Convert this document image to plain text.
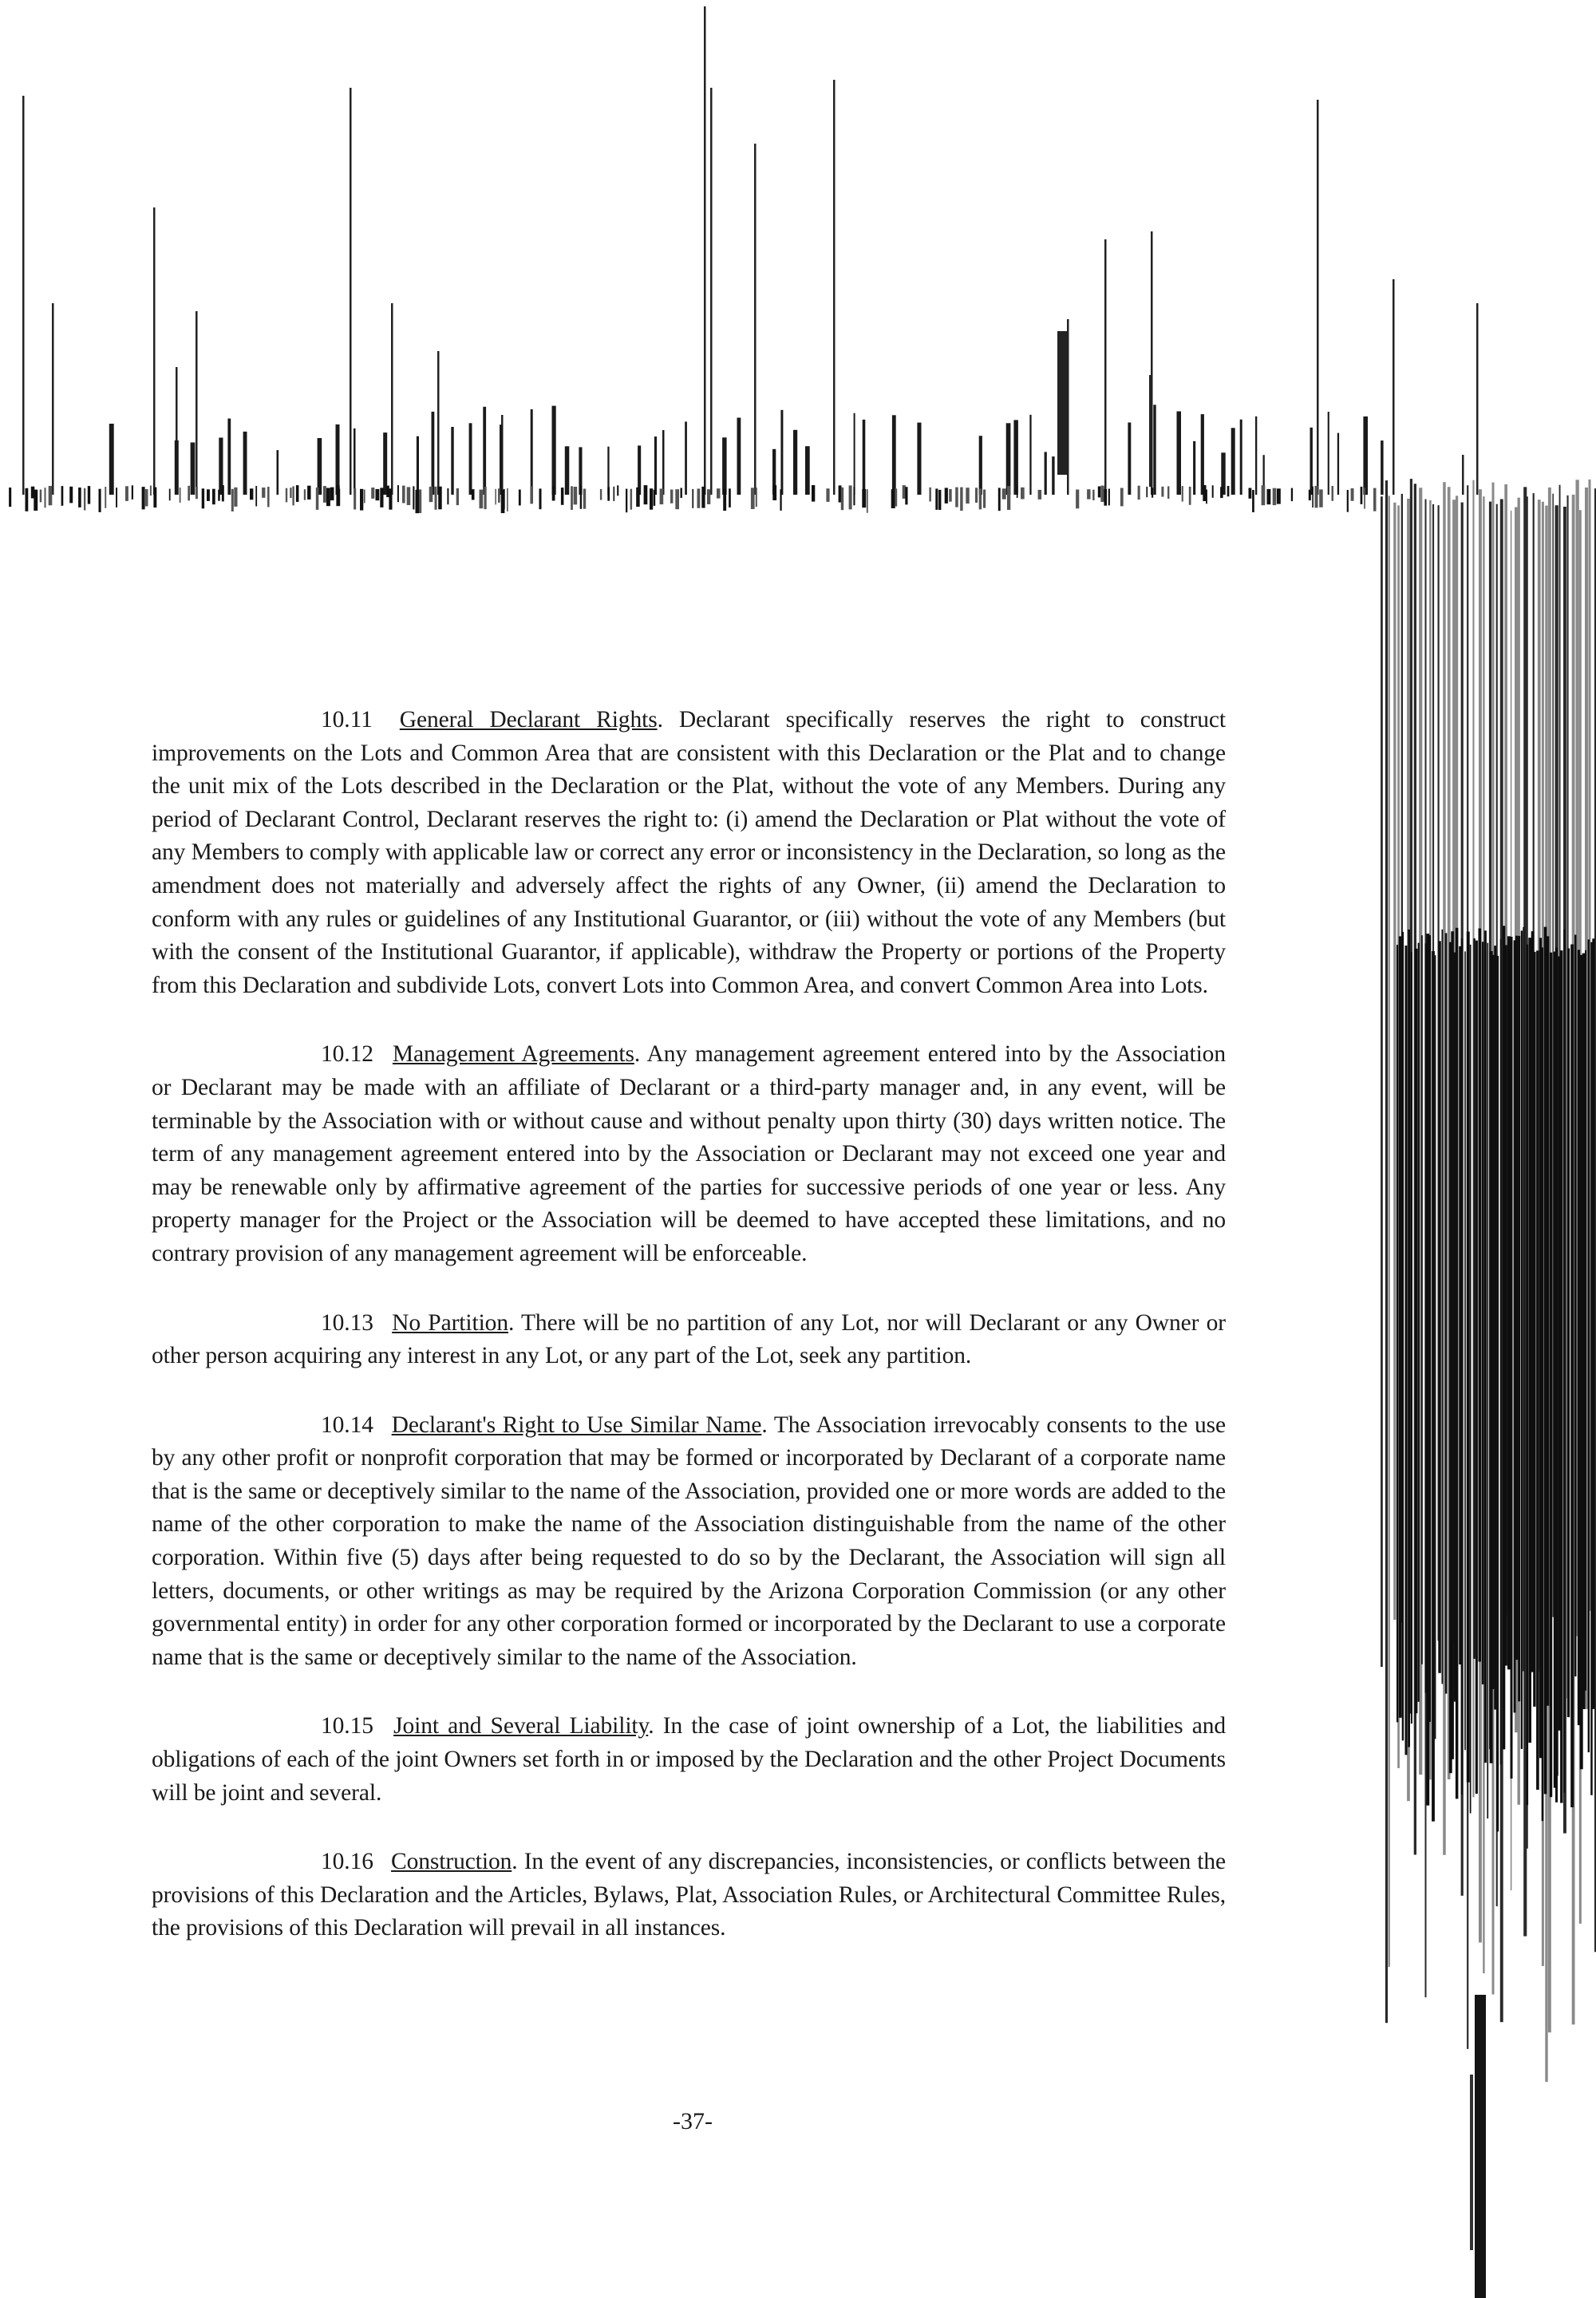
10.11 General Declarant Rights. Declarant specifically reserves the right to construct improvements on the Lots and Common Area that are consistent with this Declaration or the Plat and to change the unit mix of the Lots described in the Declaration or the Plat, without the vote of any Members. During any period of Declarant Control, Declarant reserves the right to: (i) amend the Declaration or Plat without the vote of any Members to comply with applicable law or correct any error or inconsistency in the Declaration, so long as the amendment does not materially and adversely affect the rights of any Owner, (ii) amend the Declaration to conform with any rules or guidelines of any Institutional Guarantor, or (iii) without the vote of any Members (but with the consent of the Institutional Guarantor, if applicable), withdraw the Property or portions of the Property from this Declaration and subdivide Lots, convert Lots into Common Area, and convert Common Area into Lots.

10.12 Management Agreements. Any management agreement entered into by the Association or Declarant may be made with an affiliate of Declarant or a third-party manager and, in any event, will be terminable by the Association with or without cause and without penalty upon thirty (30) days written notice. The term of any management agreement entered into by the Association or Declarant may not exceed one year and may be renewable only by affirmative agreement of the parties for successive periods of one year or less. Any property manager for the Project or the Association will be deemed to have accepted these limitations, and no contrary provision of any management agreement will be enforceable.

10.13 No Partition. There will be no partition of any Lot, nor will Declarant or any Owner or other person acquiring any interest in any Lot, or any part of the Lot, seek any partition.

10.14 Declarant's Right to Use Similar Name. The Association irrevocably consents to the use by any other profit or nonprofit corporation that may be formed or incorporated by Declarant of a corporate name that is the same or deceptively similar to the name of the Association, provided one or more words are added to the name of the other corporation to make the name of the Association distinguishable from the name of the other corporation. Within five (5) days after being requested to do so by the Declarant, the Association will sign all letters, documents, or other writings as may be required by the Arizona Corporation Commission (or any other governmental entity) in order for any other corporation formed or incorporated by the Declarant to use a corporate name that is the same or deceptively similar to the name of the Association.

10.15 Joint and Several Liability. In the case of joint ownership of a Lot, the liabilities and obligations of each of the joint Owners set forth in or imposed by the Declaration and the other Project Documents will be joint and several.

10.16 Construction. In the event of any discrepancies, inconsistencies, or conflicts between the provisions of this Declaration and the Articles, Bylaws, Plat, Association Rules, or Architectural Committee Rules, the provisions of this Declaration will prevail in all instances.

-37-
